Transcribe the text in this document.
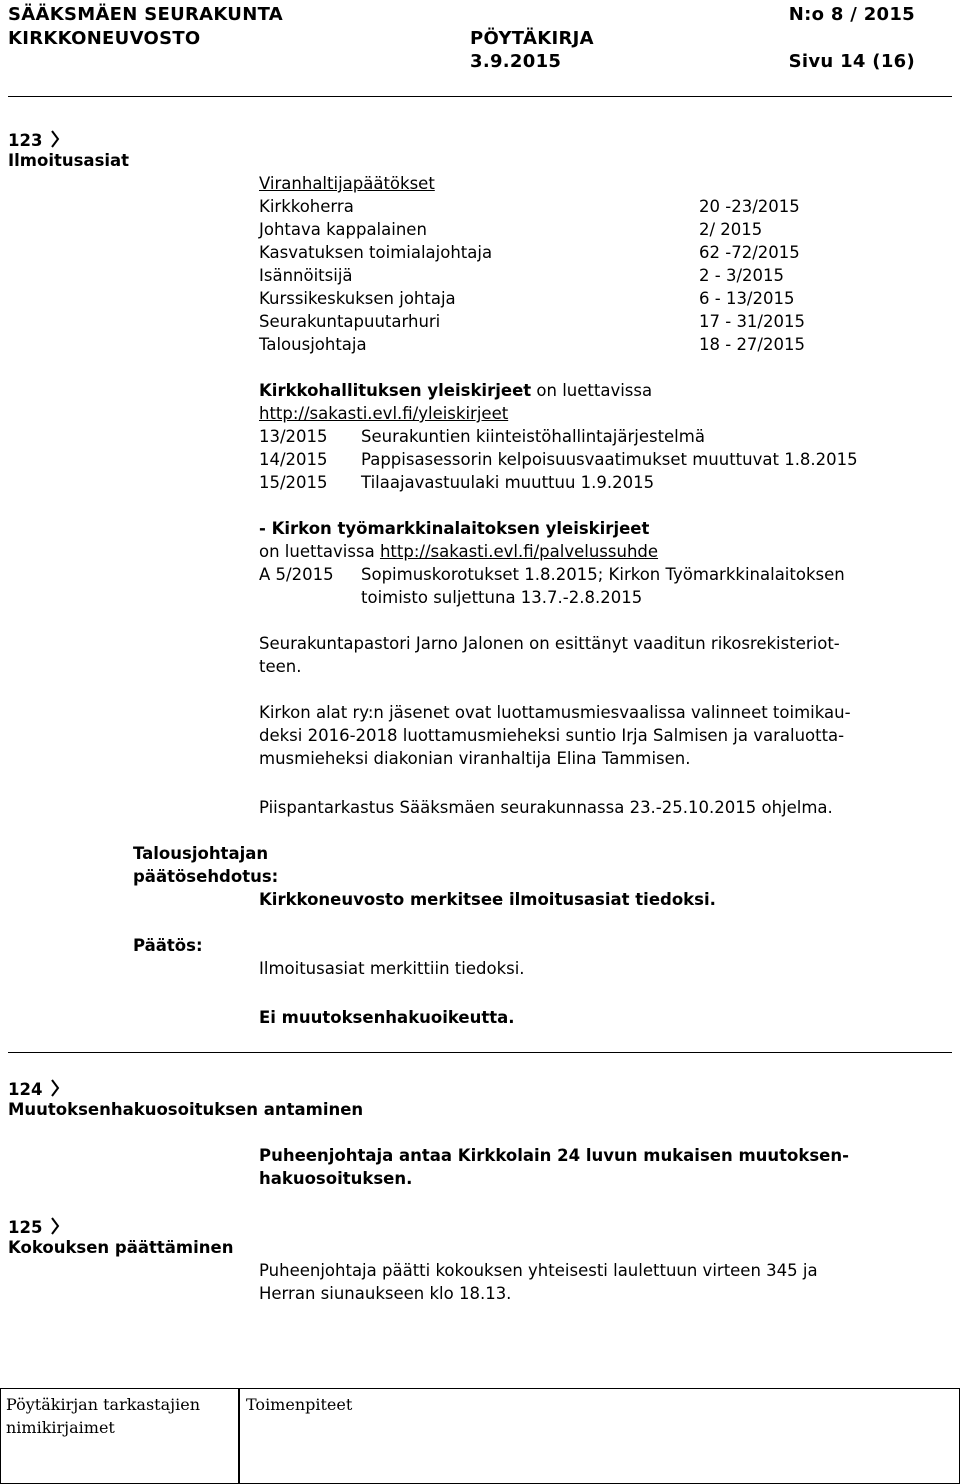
SÄÄKSMÄEN SEURAKUNTA
KIRKKONEUVOSTO	PÖYTÄKIRJA
3.9.2015
N:o 8 / 2015
Sivu 14 (16)
123
Ilmoitusasiat
Viranhaltijapäätökset
Kirkkoherra	20 -23/2015
Johtava kappalainen	2/ 2015
Kasvatuksen toimialajohtaja	62 -72/2015
Isännöitsijä	2 - 3/2015
Kurssikeskuksen johtaja	6 - 13/2015
Seurakuntapuutarhuri	17 - 31/2015
Talousjohtaja	18 - 27/2015
Kirkkohallituksen yleiskirjeet on luettavissa
http://sakasti.evl.fi/yleiskirjeet
13/2015 Seurakuntien kiinteistöhallintajärjestelmä
14/2015 Pappisasessorin kelpoisuusvaatimukset muuttuvat 1.8.2015
15/2015 Tilaajavastuulaki muuttuu 1.9.2015
- Kirkon työmarkkinalaitoksen yleiskirjeet
on luettavissa http://sakasti.evl.fi/palvelussuhde
A 5/2015 Sopimuskorotukset 1.8.2015; Kirkon Työmarkkinalaitoksen
toimisto suljettuna 13.7.-2.8.2015
Seurakuntapastori Jarno Jalonen on esittänyt vaaditun rikosrekisteriot-
teen.
Kirkon alat ry:n jäsenet ovat luottamusmiesvaalissa valinneet toimikau-
deksi 2016-2018 luottamusmieheksi suntio Irja Salmisen ja varaluotta-
musmieheksi diakonian viranhaltija Elina Tammisen.
Piispantarkastus Sääksmäen seurakunnassa 23.-25.10.2015 ohjelma.
Talousjohtajan
päätösehdotus:
Kirkkoneuvosto merkitsee ilmoitusasiat tiedoksi.
Päätös:
Ilmoitusasiat merkittiin tiedoksi.
Ei muutoksenhakuoikeutta.
124
Muutoksenhakuosoituksen antaminen
Puheenjohtaja antaa Kirkkolain 24 luvun mukaisen muutoksen-
hakuosoituksen.
125
Kokouksen päättäminen
Puheenjohtaja päätti kokouksen yhteisesti laulettuun virteen 345 ja
Herran siunaukseen klo 18.13.
Pöytäkirjan tarkastajien
nimikirjaimet
Toimenpiteet
